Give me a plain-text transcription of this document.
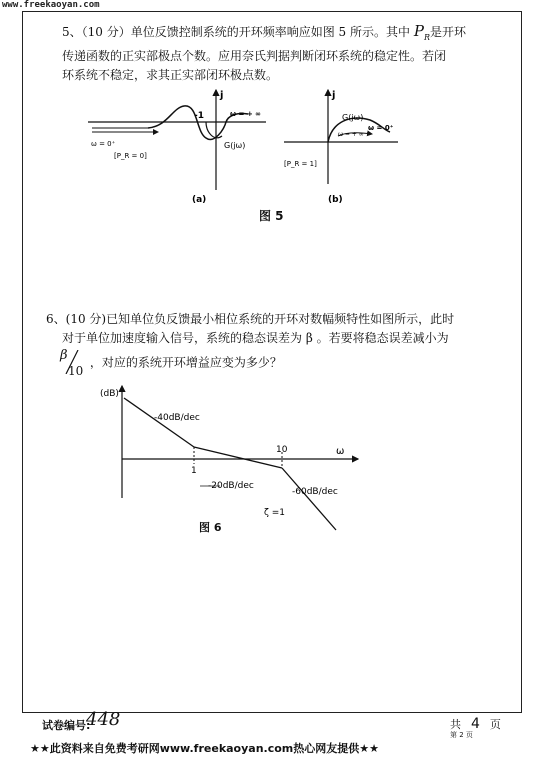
www.freekaoyan.com
5、（10 分）单位反馈控制系统的开环频率响应如图 5 所示。其中 $P_R$是开环
传递函数的正实部极点个数。应用奈氏判据判断闭环系统的稳定性。若闭
环系统不稳定，求其正实部闭环极点数。
j
-1
ω = 0⁺
ω = + ∞
G(jω)
[P_R = 0]
(a)
j
G(jω)
ω = 0⁺
ω = + ∞
[P_R = 1]
(b)
图 5
6、(10 分)已知单位负反馈最小相位系统的开环对数幅频特性如图所示，此时
对于单位加速度输入信号，系统的稳态误差为 β 。若要将稳态误差减小为
β
10
，对应的系统开环增益应变为多少？
(dB)
ω
-40dB/dec
-20dB/dec
-60dB/dec
1
10
ζ =1
图 6
试卷编号:
448	共 4 页
第 2 页
★★此资料来自免费考研网www.freekaoyan.com热心网友提供★★
